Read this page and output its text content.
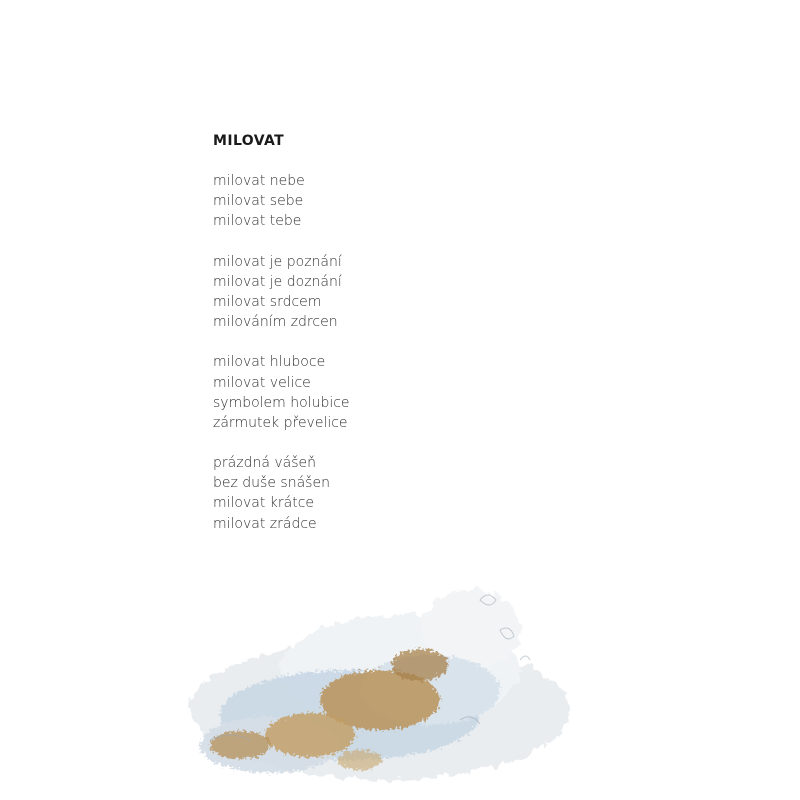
MILOVAT
milovat nebe
milovat sebe
milovat tebe
milovat je poznání
milovat je doznání
milovat srdcem
milováním zdrcen
milovat hluboce
milovat velice
symbolem holubice
zármutek převelice
prázdná vášeň
bez duše snášen
milovat krátce
milovat zrádce
